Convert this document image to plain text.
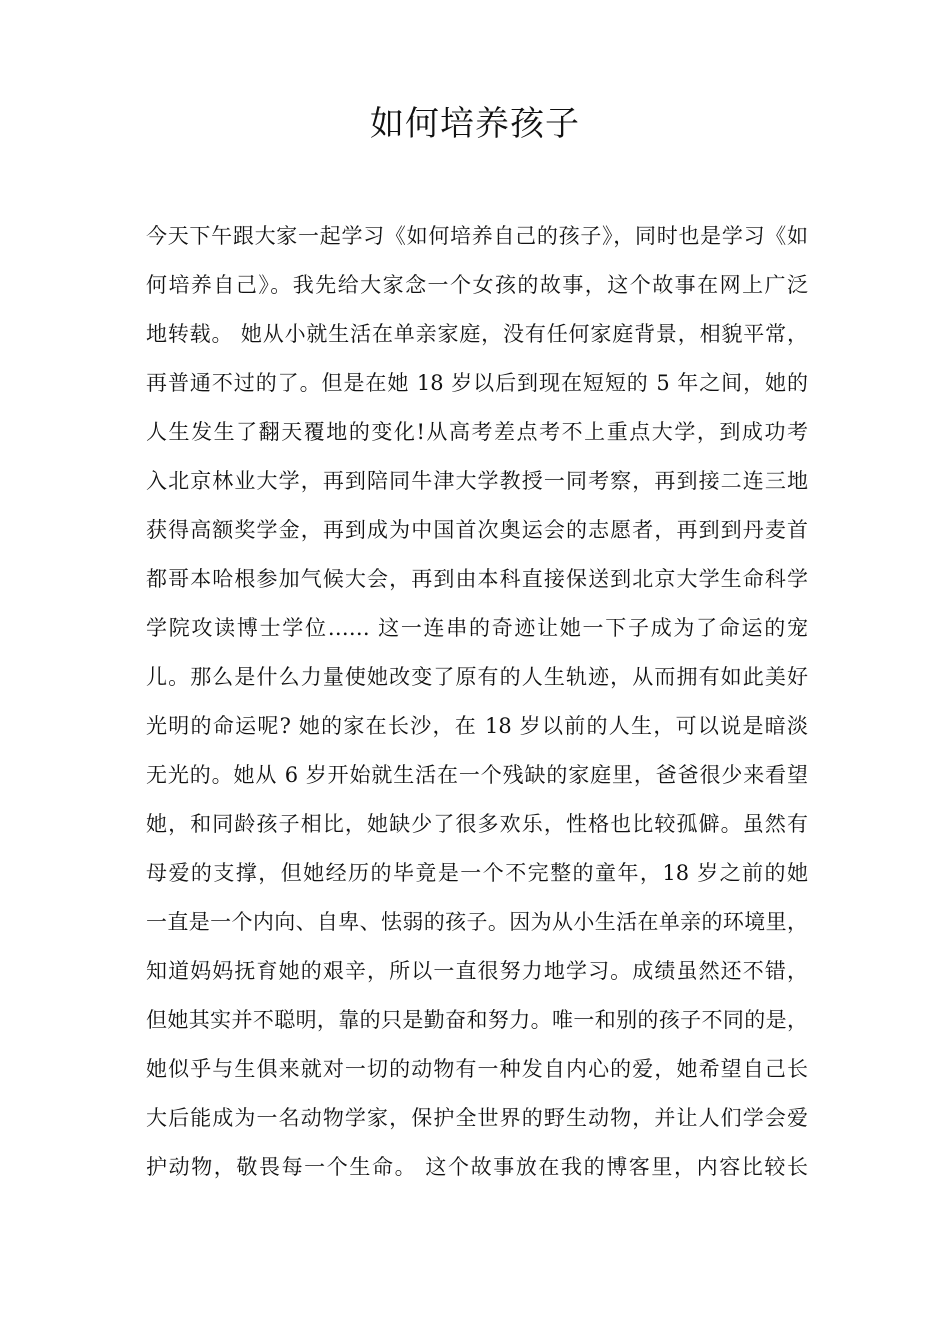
如何培养孩子
今天下午跟大家一起学习《如何培养自己的孩子》，同时也是学习《如
何培养自己》。我先给大家念一个女孩的故事，这个故事在网上广泛
地转载。 她从小就生活在单亲家庭，没有任何家庭背景，相貌平常，
再普通不过的了。但是在她 18 岁以后到现在短短的 5 年之间，她的
人生发生了翻天覆地的变化!从高考差点考不上重点大学，到成功考
入北京林业大学，再到陪同牛津大学教授一同考察，再到接二连三地
获得高额奖学金，再到成为中国首次奥运会的志愿者，再到到丹麦首
都哥本哈根参加气候大会，再到由本科直接保送到北京大学生命科学
学院攻读博士学位…… 这一连串的奇迹让她一下子成为了命运的宠
儿。那么是什么力量使她改变了原有的人生轨迹，从而拥有如此美好
光明的命运呢? 她的家在长沙，在 18 岁以前的人生，可以说是暗淡
无光的。她从 6 岁开始就生活在一个残缺的家庭里，爸爸很少来看望
她，和同龄孩子相比，她缺少了很多欢乐，性格也比较孤僻。虽然有
母爱的支撑，但她经历的毕竟是一个不完整的童年，18 岁之前的她
一直是一个内向、自卑、怯弱的孩子。因为从小生活在单亲的环境里，
知道妈妈抚育她的艰辛，所以一直很努力地学习。成绩虽然还不错，
但她其实并不聪明，靠的只是勤奋和努力。唯一和别的孩子不同的是，
她似乎与生俱来就对一切的动物有一种发自内心的爱，她希望自己长
大后能成为一名动物学家，保护全世界的野生动物，并让人们学会爱
护动物，敬畏每一个生命。 这个故事放在我的博客里，内容比较长
